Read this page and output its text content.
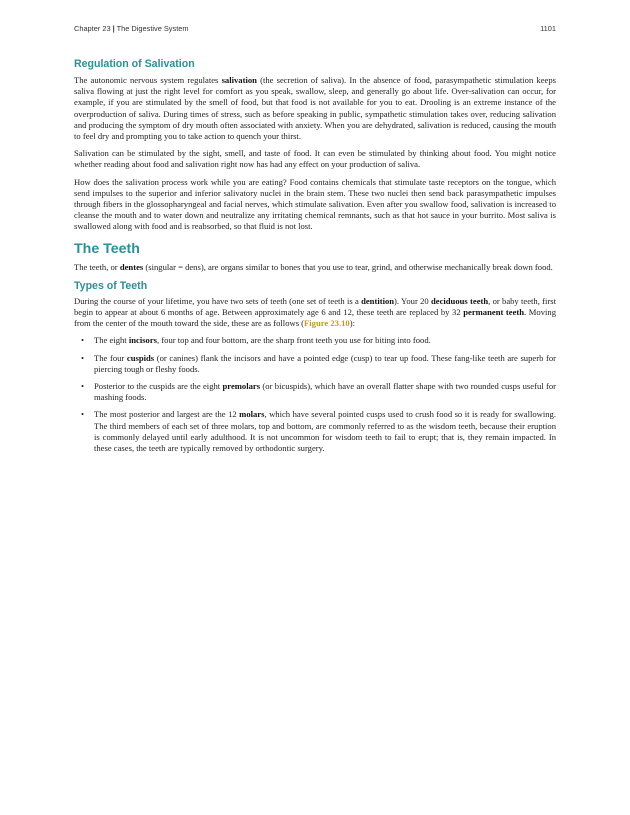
Chapter 23 | The Digestive System	1101
Regulation of Salivation

The autonomic nervous system regulates salivation (the secretion of saliva). In the absence of food, parasympathetic stimulation keeps saliva flowing at just the right level for comfort as you speak, swallow, sleep, and generally go about life. Over-salivation can occur, for example, if you are stimulated by the smell of food, but that food is not available for you to eat. Drooling is an extreme instance of the overproduction of saliva. During times of stress, such as before speaking in public, sympathetic stimulation takes over, reducing salivation and producing the symptom of dry mouth often associated with anxiety. When you are dehydrated, salivation is reduced, causing the mouth to feel dry and prompting you to take action to quench your thirst.

Salivation can be stimulated by the sight, smell, and taste of food. It can even be stimulated by thinking about food. You might notice whether reading about food and salivation right now has had any effect on your production of saliva.

How does the salivation process work while you are eating? Food contains chemicals that stimulate taste receptors on the tongue, which send impulses to the superior and inferior salivatory nuclei in the brain stem. These two nuclei then send back parasympathetic impulses through fibers in the glossopharyngeal and facial nerves, which stimulate salivation. Even after you swallow food, salivation is increased to cleanse the mouth and to water down and neutralize any irritating chemical remnants, such as that hot sauce in your burrito. Most saliva is swallowed along with food and is reabsorbed, so that fluid is not lost.

The Teeth

The teeth, or dentes (singular = dens), are organs similar to bones that you use to tear, grind, and otherwise mechanically break down food.

Types of Teeth

During the course of your lifetime, you have two sets of teeth (one set of teeth is a dentition). Your 20 deciduous teeth, or baby teeth, first begin to appear at about 6 months of age. Between approximately age 6 and 12, these teeth are replaced by 32 permanent teeth. Moving from the center of the mouth toward the side, these are as follows (Figure 23.10):

• The eight incisors, four top and four bottom, are the sharp front teeth you use for biting into food.
• The four cuspids (or canines) flank the incisors and have a pointed edge (cusp) to tear up food. These fang-like teeth are superb for piercing tough or fleshy foods.
• Posterior to the cuspids are the eight premolars (or bicuspids), which have an overall flatter shape with two rounded cusps useful for mashing foods.
• The most posterior and largest are the 12 molars, which have several pointed cusps used to crush food so it is ready for swallowing. The third members of each set of three molars, top and bottom, are commonly referred to as the wisdom teeth, because their eruption is commonly delayed until early adulthood. It is not uncommon for wisdom teeth to fail to erupt; that is, they remain impacted. In these cases, the teeth are typically removed by orthodontic surgery.
